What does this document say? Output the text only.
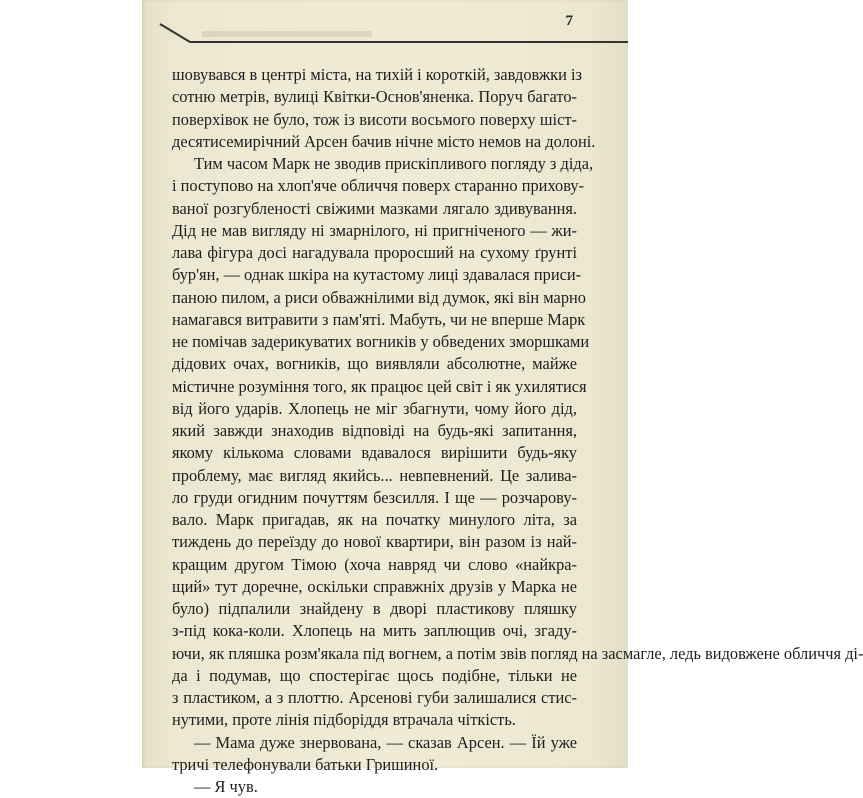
7

шовувався в центрі міста, на тихій і короткій, завдовжки із
сотню метрів, вулиці Квітки-Основ'яненка. Поруч багато-
поверхівок не було, тож із висоти восьмого поверху шіст-
десятисемирічний Арсен бачив нічне місто немов на долоні.

Тим часом Марк не зводив прискіпливого погляду з діда,
і поступово на хлоп'яче обличчя поверх старанно прихову-
ваної розгубленості свіжими мазками лягало здивування.
Дід не мав вигляду ні змарнілого, ні пригніченого — жи-
лава фігура досі нагадувала проросший на сухому ґрунті
бур'ян, — однак шкіра на кутастому лиці здавалася приси-
паною пилом, а риси обважнілими від думок, які він марно
намагався витравити з пам'яті. Мабуть, чи не вперше Марк
не помічав задерикуватих вогників у обведених зморшками
дідових очах, вогників, що виявляли абсолютне, майже
містичне розуміння того, як працює цей світ і як ухилятися
від його ударів. Хлопець не міг збагнути, чому його дід,
який завжди знаходив відповіді на будь-які запитання,
якому кількома словами вдавалося вирішити будь-яку
проблему, має вигляд якийсь... невпевнений. Це залива-
ло груди огидним почуттям безсилля. І ще — розчарову-
вало. Марк пригадав, як на початку минулого літа, за
тиждень до переїзду до нової квартири, він разом із най-
кращим другом Тімою (хоча навряд чи слово «найкра-
щий» тут доречне, оскільки справжніх друзів у Марка не
було) підпалили знайдену в дворі пластикову пляшку
з-під кока-коли. Хлопець на мить заплющив очі, згаду-
ючи, як пляшка розм'якала під вогнем, а потім звів погляд на засмагле, ледь видовжене обличчя ді-
да і подумав, що спостерігає щось подібне, тільки не
з пластиком, а з плоттю. Арсенові губи залишалися стис-
нутими, проте лінія підборіддя втрачала чіткість.

— Мама дуже знервована, — сказав Арсен. — Їй уже
тричі телефонували батьки Гришиної.

— Я чув.
